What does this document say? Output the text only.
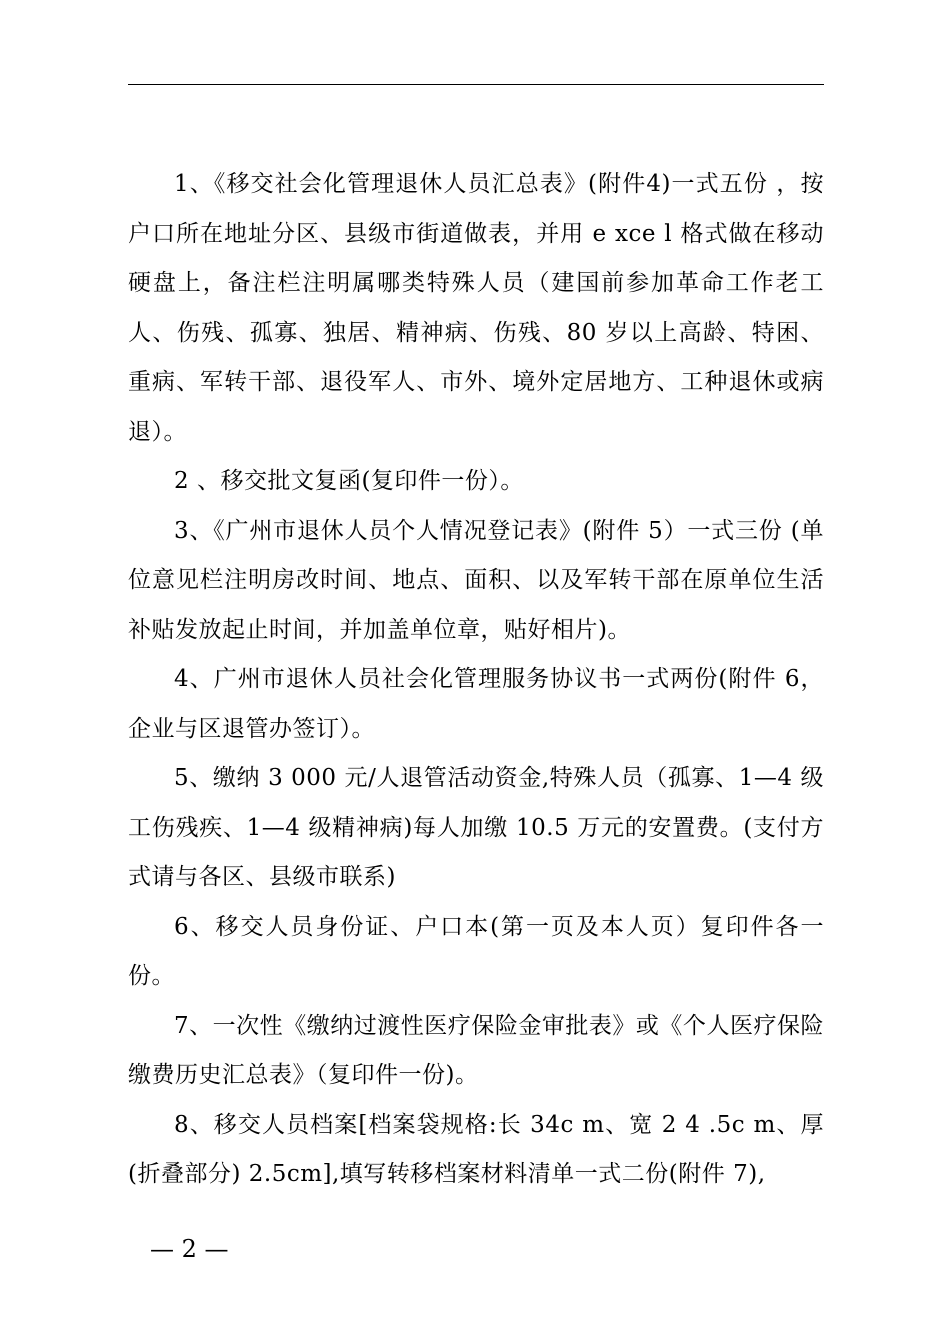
1、《移交社会化管理退休人员汇总表》(附件4)一式五份 ，按户口所在地址分区、县级市街道做表，并用 e xce l 格式做在移动硬盘上，备注栏注明属哪类特殊人员（建国前参加革命工作老工人、伤残、孤寡、独居、精神病、伤残、80 岁以上高龄、特困、重病、军转干部、退役军人、市外、境外定居地方、工种退休或病退）。

2 、移交批文复函(复印件一份）。

3、《广州市退休人员个人情况登记表》(附件 5）一式三份 (单位意见栏注明房改时间、地点、面积、以及军转干部在原单位生活补贴发放起止时间，并加盖单位章，贴好相片)。

4、广州市退休人员社会化管理服务协议书一式两份(附件 6，企业与区退管办签订）。

5、缴纳 3 000 元/人退管活动资金,特殊人员（孤寡、1—4 级工伤残疾、1—4 级精神病)每人加缴 10.5 万元的安置费。(支付方式请与各区、县级市联系)

6、移交人员身份证、户口本(第一页及本人页）复印件各一份。

7、一次性《缴纳过渡性医疗保险金审批表》或《个人医疗保险缴费历史汇总表》（复印件一份)。

8、移交人员档案[档案袋规格:长 34c m、宽 2 4 .5c m、厚 (折叠部分) 2.5cm],填写转移档案材料清单一式二份(附件 7),

— 2 —
